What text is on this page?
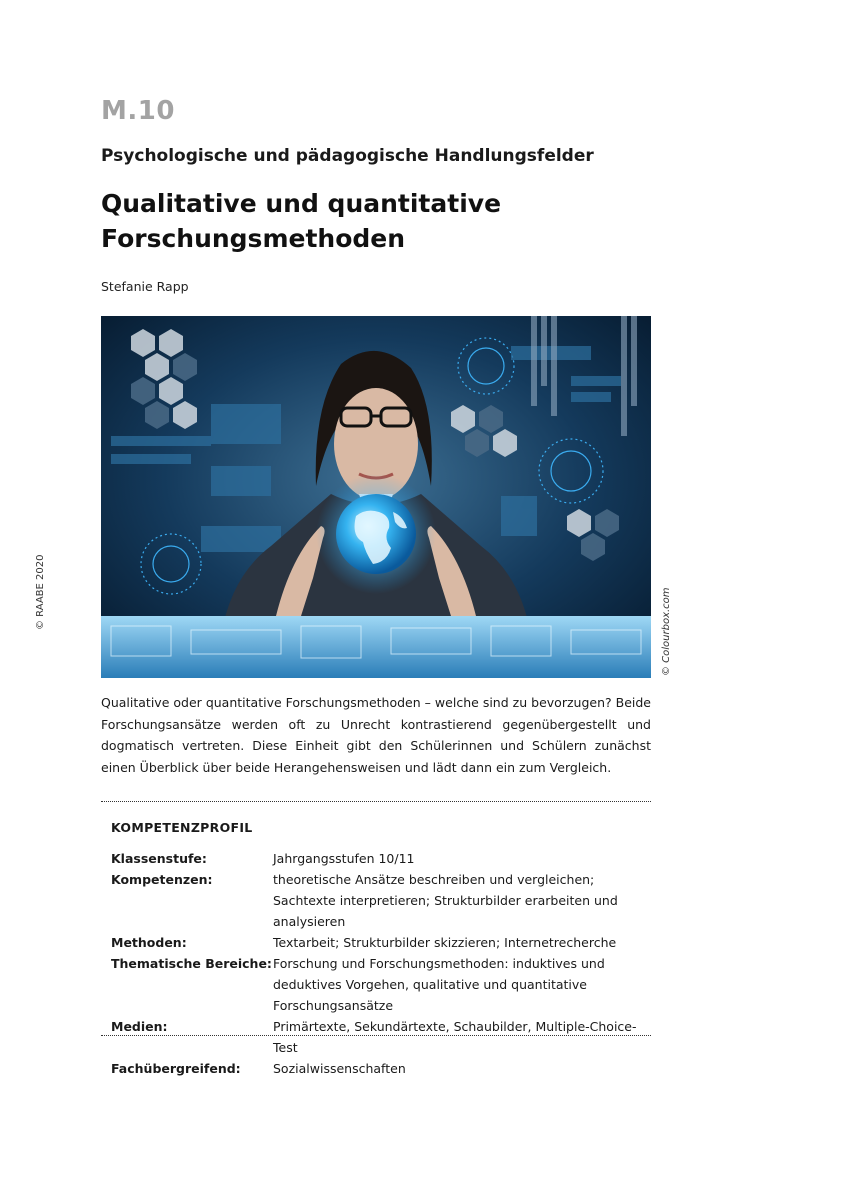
M.10
Psychologische und pädagogische Handlungsfelder
Qualitative und quantitative
Forschungsmethoden
Stefanie Rapp
© RAABE 2020	© Colourbox.com
Qualitative oder quantitative Forschungsmethoden – welche sind zu bevorzugen? Beide Forschungsansätze werden oft zu Unrecht kontrastierend gegenübergestellt und dogmatisch vertreten. Diese Einheit gibt den Schülerinnen und Schülern zunächst einen Überblick über beide Herangehensweisen und lädt dann ein zum Vergleich.
KOMPETENZPROFIL
Klassenstufe:	Jahrgangsstufen 10/11
Kompetenzen:	theoretische Ansätze beschreiben und vergleichen; Sachtexte interpretieren; Strukturbilder erarbeiten und analysieren
Methoden:	Textarbeit; Strukturbilder skizzieren; Internetrecherche
Thematische Bereiche: Forschung und Forschungsmethoden: induktives und deduktives Vorgehen, qualitative und quantitative Forschungsansätze
Medien:	Primärtexte, Sekundärtexte, Schaubilder, Multiple-Choice-Test
Fachübergreifend:	Sozialwissenschaften
